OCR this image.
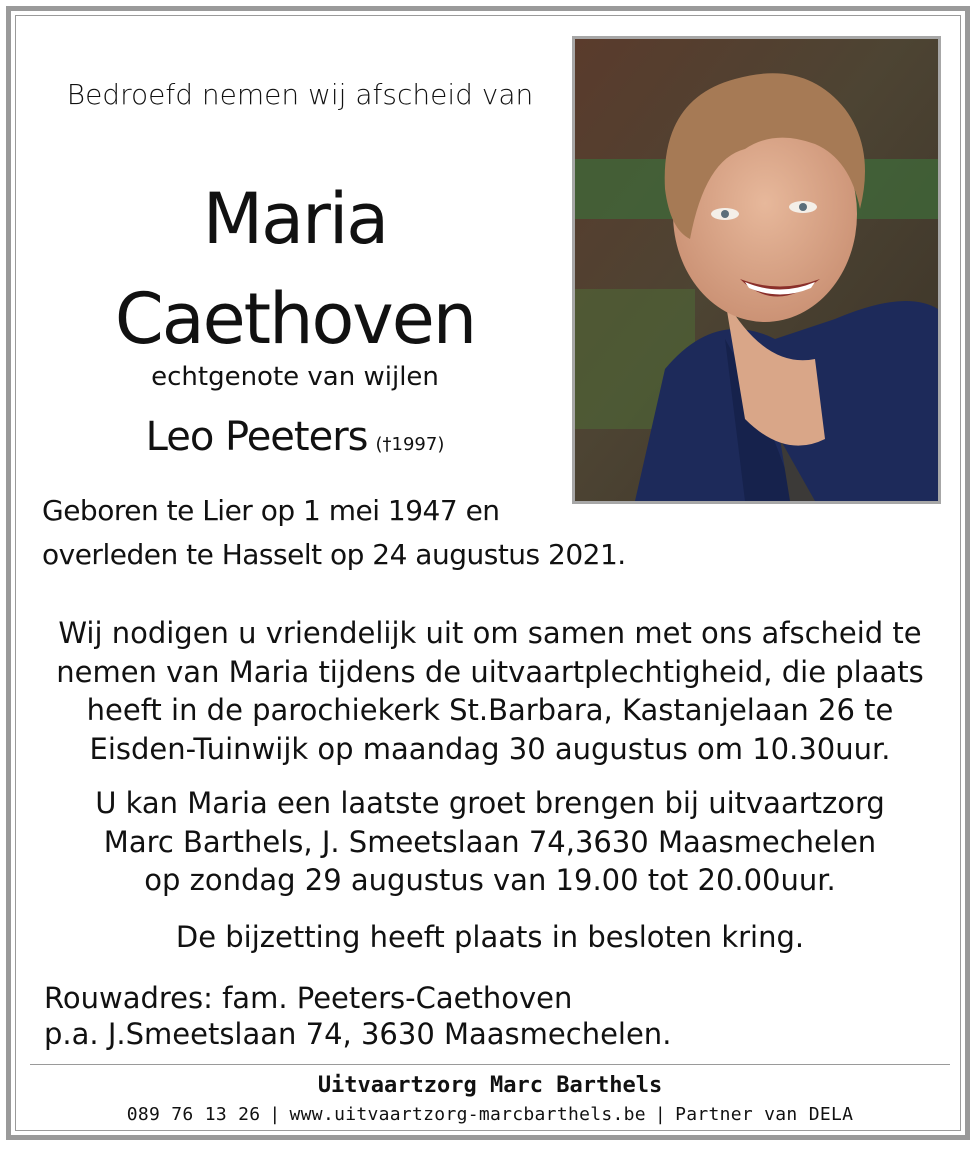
Bedroefd nemen wij afscheid van
Maria
Caethoven
echtgenote van wijlen
Leo Peeters (†1997)
Geboren te Lier op 1 mei 1947 en
overleden te Hasselt op 24 augustus 2021.
Wij nodigen u vriendelijk uit om samen met ons afscheid te
nemen van Maria tijdens de uitvaartplechtigheid, die plaats
heeft in de parochiekerk St.Barbara, Kastanjelaan 26 te
Eisden-Tuinwijk op maandag 30 augustus om 10.30uur.
U kan Maria een laatste groet brengen bij uitvaartzorg
Marc Barthels, J. Smeetslaan 74,3630 Maasmechelen
op zondag 29 augustus van 19.00 tot 20.00uur.
De bijzetting heeft plaats in besloten kring.
Rouwadres: fam. Peeters-Caethoven
p.a. J.Smeetslaan 74, 3630 Maasmechelen.
Uitvaartzorg Marc Barthels
089 76 13 26 | www.uitvaartzorg-marcbarthels.be | Partner van DELA
